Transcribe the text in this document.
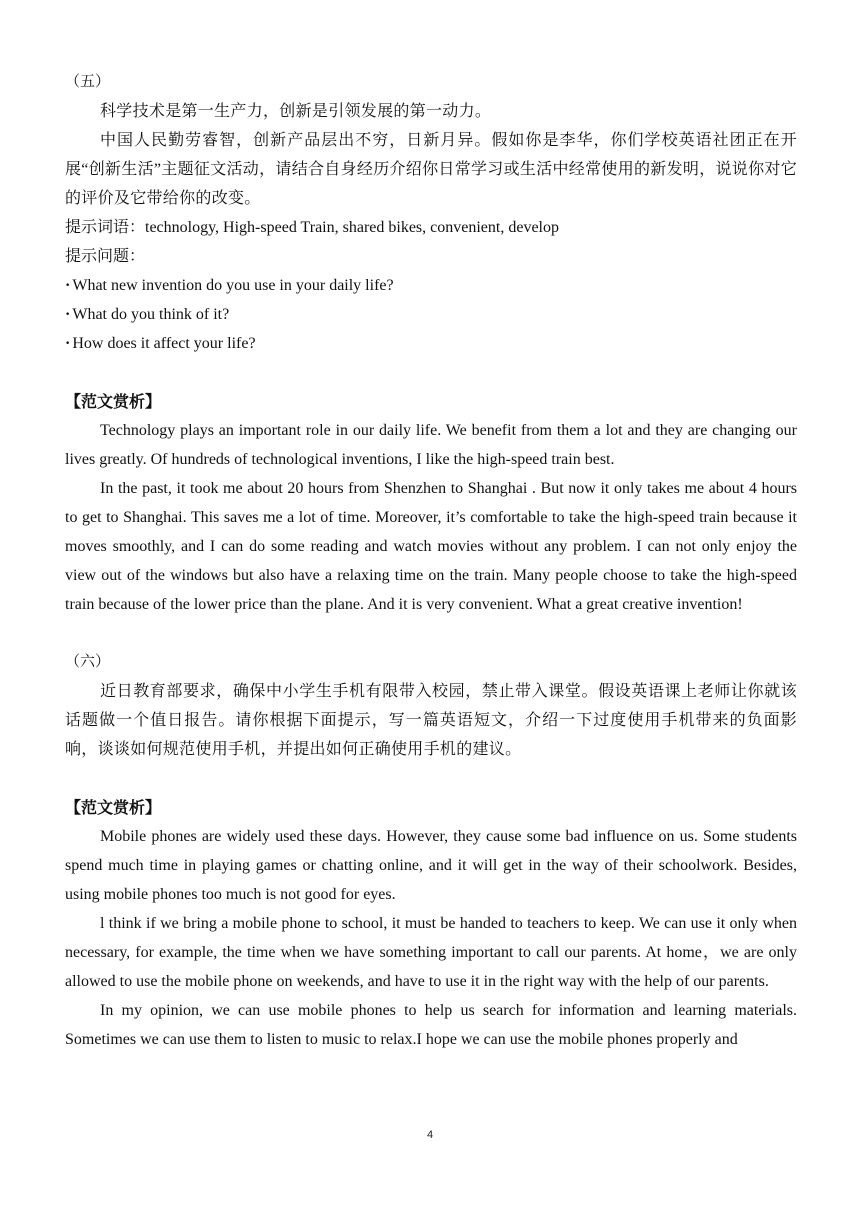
（五）

科学技术是第一生产力，创新是引领发展的第一动力。

中国人民勤劳睿智，创新产品层出不穷，日新月异。假如你是李华，你们学校英语社团正在开展“创新生活”主题征文活动，请结合自身经历介绍你日常学习或生活中经常使用的新发明，说说你对它的评价及它带给你的改变。

提示词语：technology, High-speed Train, shared bikes, convenient, develop

提示问题：

· What new invention do you use in your daily life?

· What do you think of it?

· How does it affect your life?

【范文赏析】

Technology plays an important role in our daily life. We benefit from them a lot and they are changing our lives greatly. Of hundreds of technological inventions, I like the high-speed train best.

In the past, it took me about 20 hours from Shenzhen to Shanghai . But now it only takes me about 4 hours to get to Shanghai. This saves me a lot of time. Moreover, it’s comfortable to take the high-speed train because it moves smoothly, and I can do some reading and watch movies without any problem. I can not only enjoy the view out of the windows but also have a relaxing time on the train. Many people choose to take the high-speed train because of the lower price than the plane. And it is very convenient. What a great creative invention!

（六）

近日教育部要求，确保中小学生手机有限带入校园，禁止带入课堂。假设英语课上老师让你就该话题做一个值日报告。请你根据下面提示，写一篇英语短文，介绍一下过度使用手机带来的负面影响，谈谈如何规范使用手机，并提出如何正确使用手机的建议。

【范文赏析】

Mobile phones are widely used these days. However, they cause some bad influence on us. Some students spend much time in playing games or chatting online, and it will get in the way of their schoolwork. Besides, using mobile phones too much is not good for eyes.

l think if we bring a mobile phone to school, it must be handed to teachers to keep. We can use it only when necessary, for example, the time when we have something important to call our parents. At home，we are only allowed to use the mobile phone on weekends, and have to use it in the right way with the help of our parents.

In my opinion, we can use mobile phones to help us search for information and learning materials. Sometimes we can use them to listen to music to relax.I hope we can use the mobile phones properly and

4
